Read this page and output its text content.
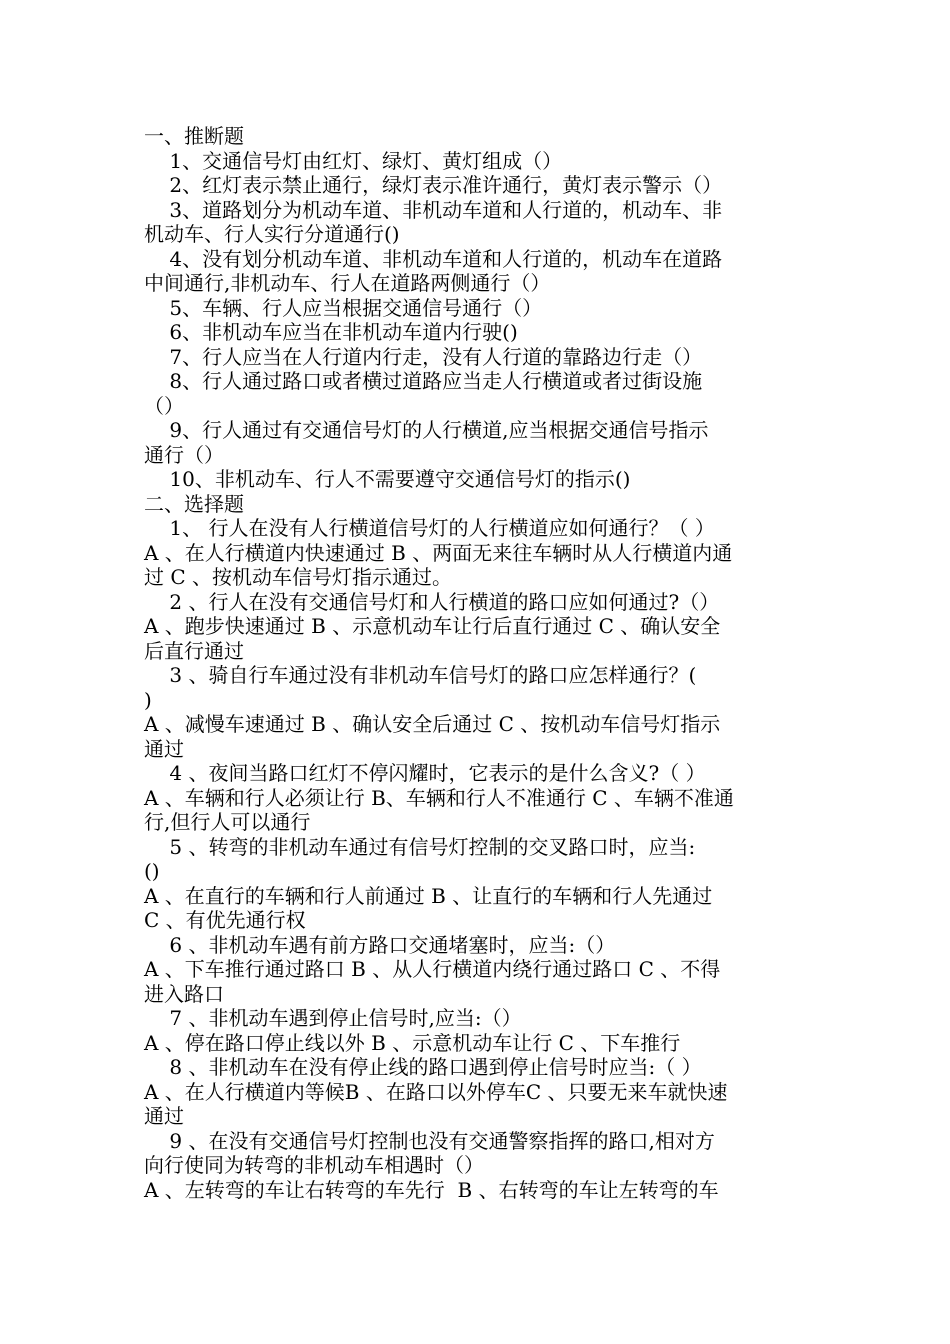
一、推断题
1、交通信号灯由红灯、绿灯、黄灯组成（）
2、红灯表示禁止通行，绿灯表示准许通行，黄灯表示警示（）
3、道路划分为机动车道、非机动车道和人行道的，机动车、非
机动车、行人实行分道通行()
4、没有划分机动车道、非机动车道和人行道的，机动车在道路
中间通行,非机动车、行人在道路两侧通行（）
5、车辆、行人应当根据交通信号通行（）
6、非机动车应当在非机动车道内行驶()
7、行人应当在人行道内行走，没有人行道的靠路边行走（）
8、行人通过路口或者横过道路应当走人行横道或者过街设施
（）
9、行人通过有交通信号灯的人行横道,应当根据交通信号指示
通行（）
10、非机动车、行人不需要遵守交通信号灯的指示()
二、选择题
1、 行人在没有人行横道信号灯的人行横道应如何通行？（ ）
A 、在人行横道内快速通过 B 、两面无来往车辆时从人行横道内通
过 C 、按机动车信号灯指示通过。
2 、行人在没有交通信号灯和人行横道的路口应如何通过?（）
A 、跑步快速通过 B 、示意机动车让行后直行通过 C 、确认安全
后直行通过
3 、骑自行车通过没有非机动车信号灯的路口应怎样通行？(
)
A 、减慢车速通过 B 、确认安全后通过 C 、按机动车信号灯指示
通过
4 、夜间当路口红灯不停闪耀时，它表示的是什么含义?（ ）
A 、车辆和行人必须让行 B、车辆和行人不准通行 C 、车辆不准通
行,但行人可以通行
5 、转弯的非机动车通过有信号灯控制的交叉路口时，应当:
()
A 、在直行的车辆和行人前通过 B 、让直行的车辆和行人先通过
C 、有优先通行权
6 、非机动车遇有前方路口交通堵塞时，应当:（）
A 、下车推行通过路口 B 、从人行横道内绕行通过路口 C 、不得
进入路口
7 、非机动车遇到停止信号时,应当:（）
A 、停在路口停止线以外 B 、示意机动车让行 C 、下车推行
8 、非机动车在没有停止线的路口遇到停止信号时应当:（ ）
A 、在人行横道内等候B 、在路口以外停车C 、只要无来车就快速
通过
9 、在没有交通信号灯控制也没有交通警察指挥的路口,相对方
向行使同为转弯的非机动车相遇时（）
A 、左转弯的车让右转弯的车先行  B 、右转弯的车让左转弯的车
